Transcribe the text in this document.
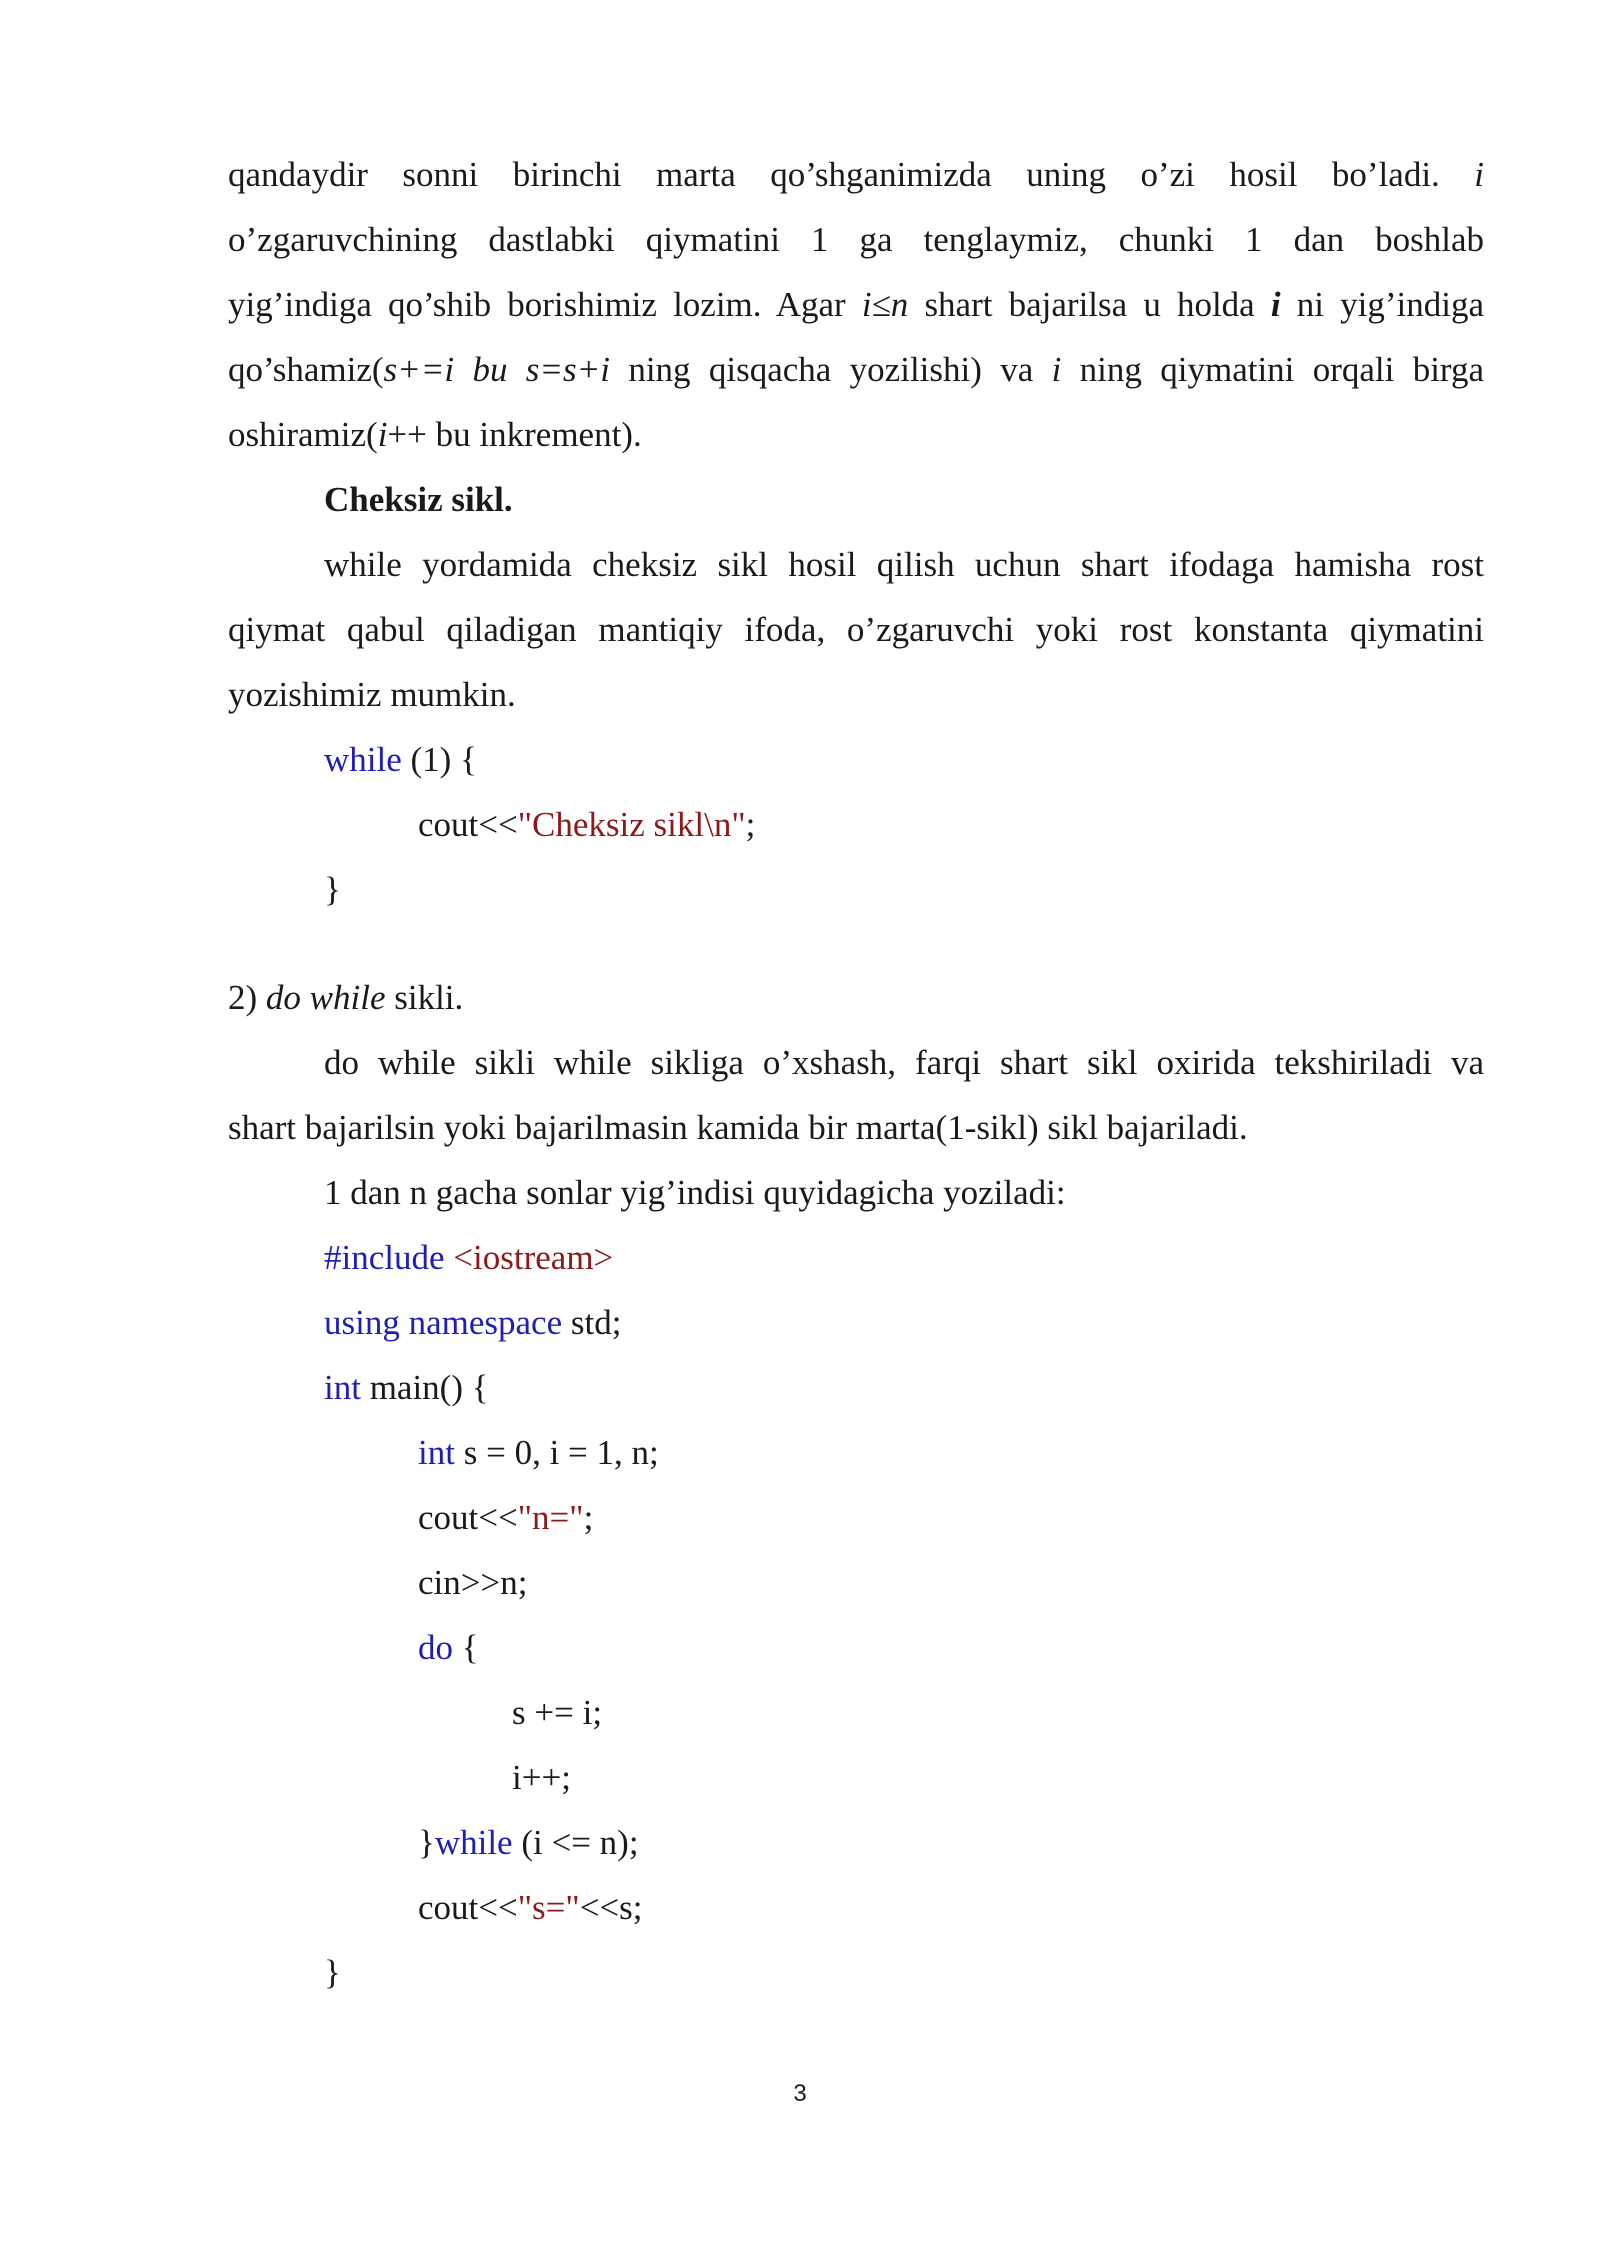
qandaydir sonni birinchi marta qo’shganimizda uning o’zi hosil bo’ladi. i
o’zgaruvchining dastlabki qiymatini 1 ga tenglaymiz, chunki 1 dan boshlab
yig’indiga qo’shib borishimiz lozim. Agar i≤n shart bajarilsa u holda i ni yig’indiga
qo’shamiz(s+=i bu s=s+i ning qisqacha yozilishi) va i ning qiymatini orqali birga
oshiramiz(i++ bu inkrement).
Cheksiz sikl.
while yordamida cheksiz sikl hosil qilish uchun shart ifodaga hamisha rost
qiymat qabul qiladigan mantiqiy ifoda, o’zgaruvchi yoki rost konstanta qiymatini
yozishimiz mumkin.
while (1) {
cout<<"Cheksiz sikl\n";
}
2) do while sikli.
do while sikli while sikliga o’xshash, farqi shart sikl oxirida tekshiriladi va
shart bajarilsin yoki bajarilmasin kamida bir marta(1-sikl) sikl bajariladi.
1 dan n gacha sonlar yig’indisi quyidagicha yoziladi:
#include <iostream>
using namespace std;
int main() {
int s = 0, i = 1, n;
cout<<"n=";
cin>>n;
do {
s += i;
i++;
}while (i <= n);
cout<<"s="<<s;
}
3
